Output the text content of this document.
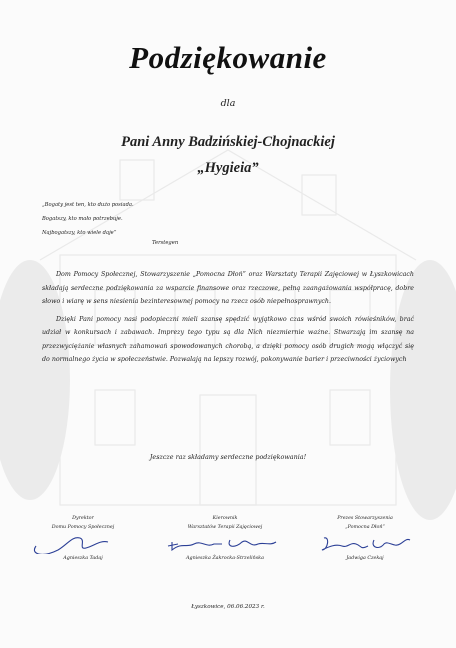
Podziękowanie
dla
Pani Anny Badzińskiej-Chojnackiej
„Hygieia”
„Bogaty jest ten, kto dużo posiada.
Bogatszy, kto mało potrzebuje.
Najbogatszy, kto wiele daje”
Terstegen

Dom Pomocy Społecznej, Stowarzyszenie „Pomocna Dłoń” oraz Warsztaty Terapii Zajęciowej w Łyszkowicach składają serdeczne podziękowania za wsparcie finansowe oraz rzeczowe, pełną zaangażowania współpracę, dobre słowo i wiarę w sens niesienia bezinteresownej pomocy na rzecz osób niepełnosprawnych.

Dzięki Pani pomocy nasi podopieczni mieli szansę spędzić wyjątkowo czas wśród swoich rówieśników, brać udział w konkursach i zabawach. Imprezy tego typu są dla Nich niezmiernie ważne. Stwarzają im szansę na przezwyciężanie własnych zahamowań spowodowanych chorobą, a dzięki pomocy osób drugich mogą włączyć się do normalnego życia w społeczeństwie. Pozwalają na lepszy rozwój, pokonywanie barier i przeciwności życiowych

Jeszcze raz składamy serdeczne podziękowania!
Dyrektor
Domu Pomocy Społecznej
Agnieszka Tadaj
Kierownik
Warsztatów Terapii Zajęciowej
Agnieszka Żakrocka-Strzelińska
Prezes Stowarzyszenia
„Pomocna Dłoń”
Jadwiga Czekaj
Łyszkowice, 06.06.2023 r.
